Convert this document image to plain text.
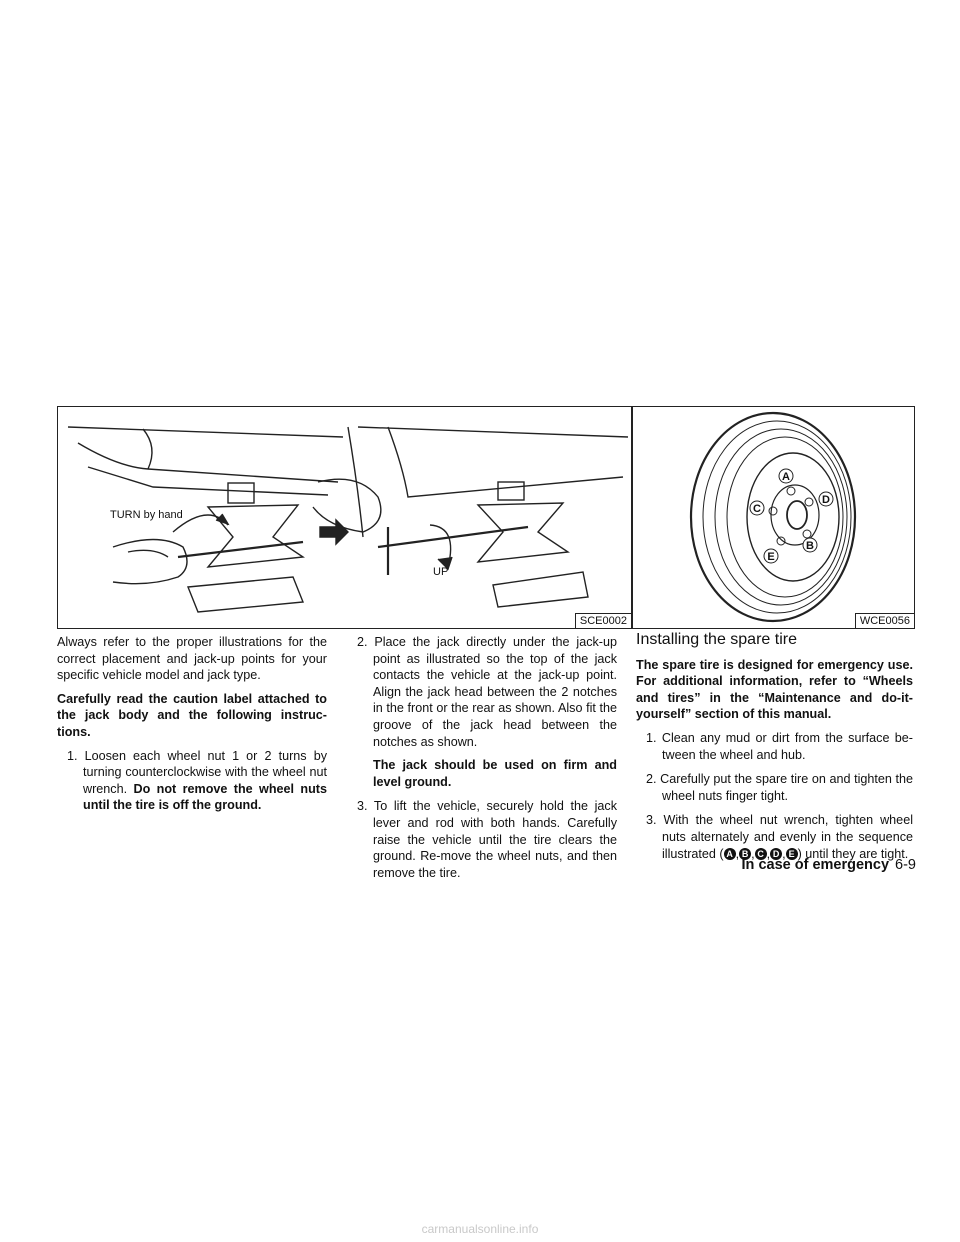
TURN by hand
UP
SCE0002
A
B
C
D
E
WCE0056

Always refer to the proper illustrations for the correct placement and jack-up points for your specific vehicle model and jack type.

Carefully read the caution label attached to the jack body and the following instruc-tions.

1. Loosen each wheel nut 1 or 2 turns by turning counterclockwise with the wheel nut wrench. Do not remove the wheel nuts until the tire is off the ground.
2. Place the jack directly under the jack-up point as illustrated so the top of the jack contacts the vehicle at the jack-up point. Align the jack head between the 2 notches in the front or the rear as shown. Also fit the groove of the jack head between the notches as shown.
The jack should be used on firm and level ground.
3. To lift the vehicle, securely hold the jack lever and rod with both hands. Carefully raise the vehicle until the tire clears the ground. Re-move the wheel nuts, and then remove the tire.
Installing the spare tire

The spare tire is designed for emergency use. For additional information, refer to “Wheels and tires” in the “Maintenance and do-it-yourself” section of this manual.

1. Clean any mud or dirt from the surface be-tween the wheel and hub.
2. Carefully put the spare tire on and tighten the wheel nuts finger tight.
3. With the wheel nut wrench, tighten wheel nuts alternately and evenly in the sequence illustrated ( A , B , C , D , E ) until they are tight.
In case of emergency 6-9
carmanualsonline.info
